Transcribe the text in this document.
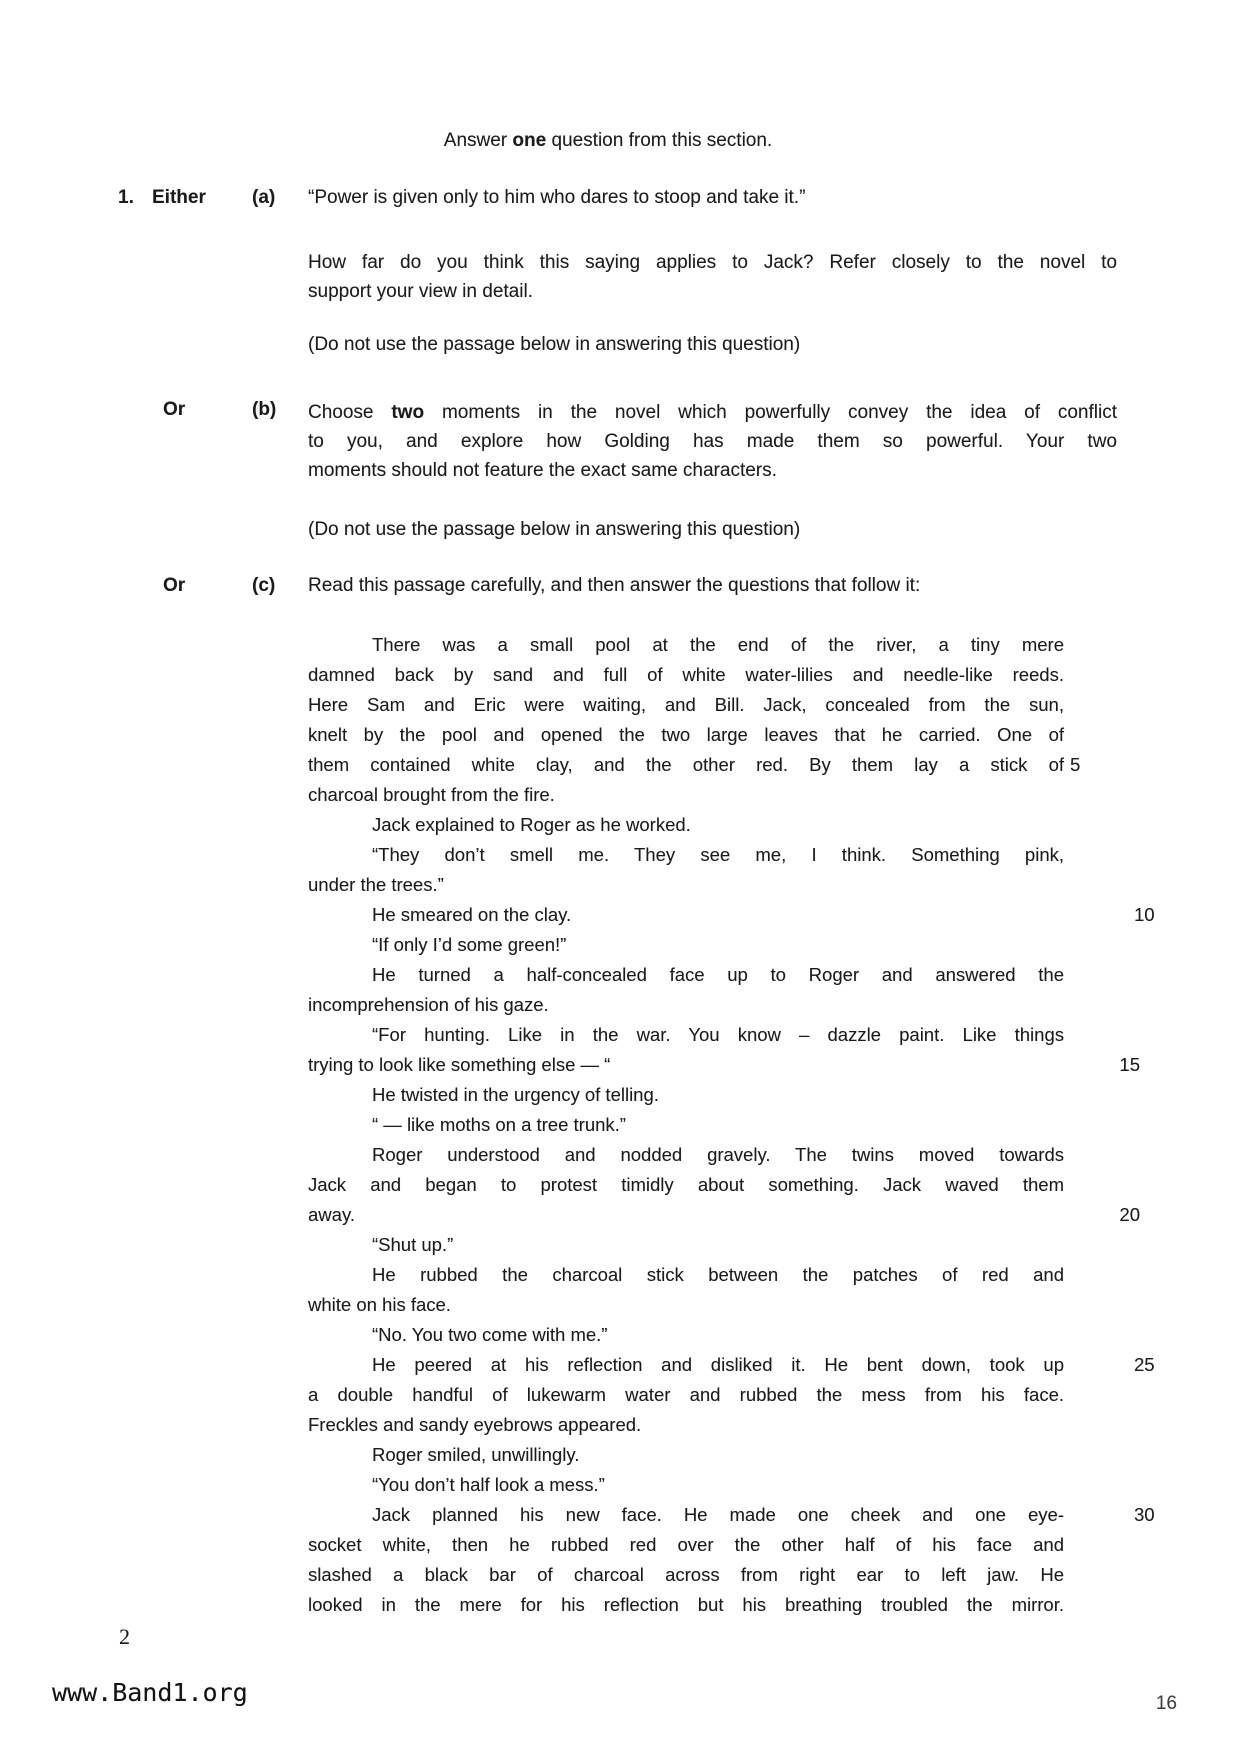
Answer one question from this section.
1. Either (a) “Power is given only to him who dares to stoop and take it.”
How far do you think this saying applies to Jack? Refer closely to the novel to
support your view in detail.
(Do not use the passage below in answering this question)
Or	(b) Choose two moments in the novel which powerfully convey the idea of conflict
to you, and explore how Golding has made them so powerful. Your two
moments should not feature the exact same characters.
(Do not use the passage below in answering this question)
Or	(c) Read this passage carefully, and then answer the questions that follow it:
There was a small pool at the end of the river, a tiny mere
damned back by sand and full of white water-lilies and needle-like reeds.
Here Sam and Eric were waiting, and Bill. Jack, concealed from the sun,
knelt by the pool and opened the two large leaves that he carried. One of
them contained white clay, and the other red. By them lay a stick of 5
charcoal brought from the fire.
Jack explained to Roger as he worked.
“They don’t smell me. They see me, I think. Something pink,
under the trees.”
He smeared on the clay.	10
“If only I’d some green!”
He turned a half-concealed face up to Roger and answered the
incomprehension of his gaze.
“For hunting. Like in the war. You know – dazzle paint. Like things
trying to look like something else — “	15
He twisted in the urgency of telling.
“ — like moths on a tree trunk.”
Roger understood and nodded gravely. The twins moved towards
Jack and began to protest timidly about something. Jack waved them
away.	20
“Shut up.”
He rubbed the charcoal stick between the patches of red and
white on his face.
“No. You two come with me.”
He peered at his reflection and disliked it. He bent down, took up	25
a double handful of lukewarm water and rubbed the mess from his face.
Freckles and sandy eyebrows appeared.
Roger smiled, unwillingly.
“You don’t half look a mess.”
Jack planned his new face. He made one cheek and one eye-	30
socket white, then he rubbed red over the other half of his face and
slashed a black bar of charcoal across from right ear to left jaw. He
looked in the mere for his reflection but his breathing troubled the mirror.
2
www.Band1.org	16
